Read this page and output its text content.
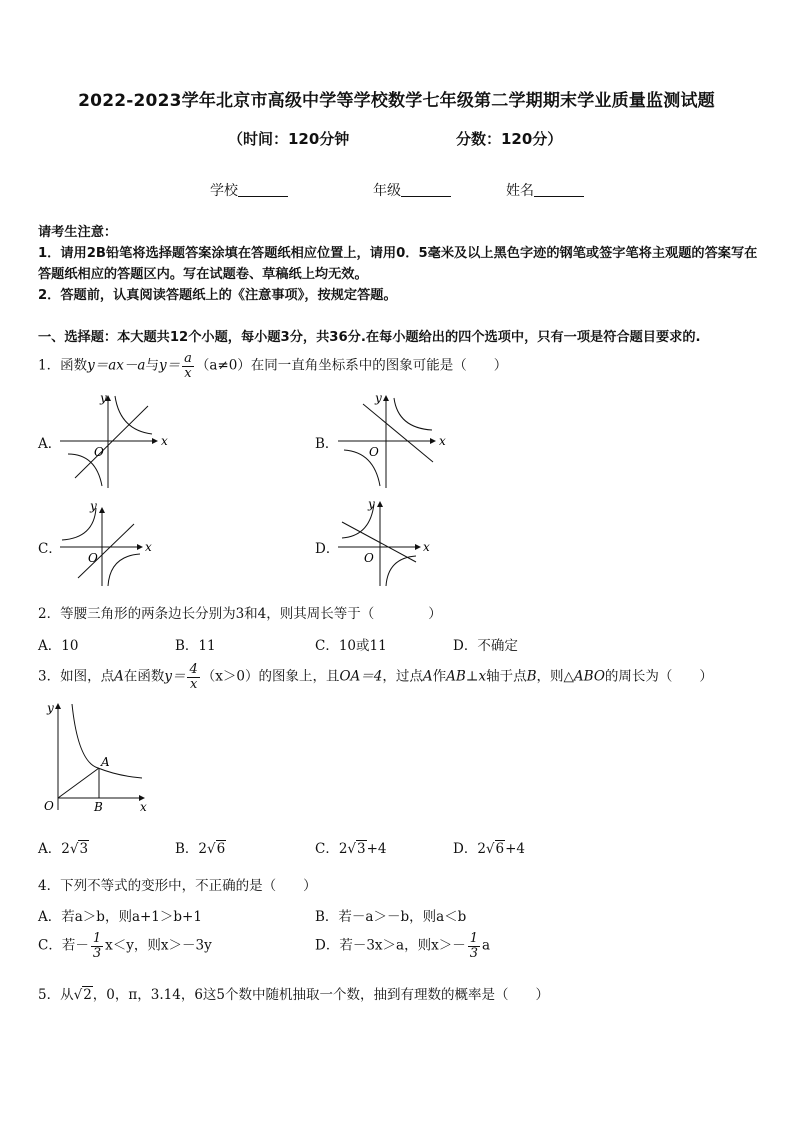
2022-2023学年北京市高级中学等学校数学七年级第二学期期末学业质量监测试题
（时间：120分钟	分数：120分）
学校	年级	姓名
请考生注意：
1．请用2B铅笔将选择题答案涂填在答题纸相应位置上，请用0．5毫米及以上黑色字迹的钢笔或签字笔将主观题的答案写在答题纸相应的答题区内。写在试题卷、草稿纸上均无效。
2．答题前，认真阅读答题纸上的《注意事项》，按规定答题。
一、选择题：本大题共12个小题，每小题3分，共36分.在每小题给出的四个选项中，只有一项是符合题目要求的.
1．函数y＝ax－a与$y= \frac{a}{x} (a\ne 0)$在同一直角坐标系中的图象可能是（　　）
A．	B．
C．	D．
x
y
O
x
y
O
x
y
O
x
y
O
2．等腰三角形的两条边长分别为3和4，则其周长等于（　　　　）
A．10	B．11	C．10或11	D．不确定
3．如图，点A在函数$y= \frac{4}{x} (x>0)$的图象上，且OA＝4，过点A作AB⊥x轴于点B，则△ABO的周长为（　　）
A
B
O
y
x
A．2√3	B．2√6	C．2√3+4	D．2√6+4
4．下列不等式的变形中，不正确的是（　　）
A．若a＞b，则a+1＞b+1	B．若－a＞－b，则a＜b
C．若－ $\frac{1}{3} x<y$，则x＞－3y	D．若－3x＞a，则$x>- \frac{1}{3}$ a
5．从√2，0，π，3.14，6这5个数中随机抽取一个数，抽到有理数的概率是（　　）
